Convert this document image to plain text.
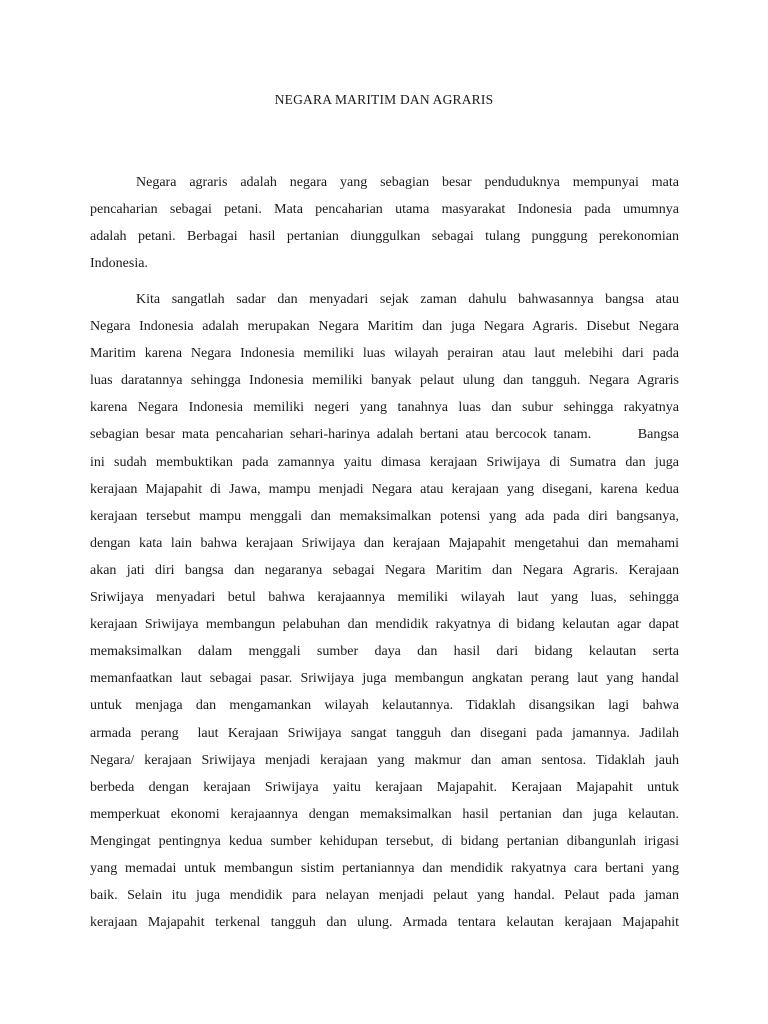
NEGARA MARITIM DAN AGRARIS
Negara agraris adalah negara yang sebagian besar penduduknya mempunyai mata
pencaharian sebagai petani. Mata pencaharian utama masyarakat Indonesia pada umumnya
adalah petani. Berbagai hasil pertanian diunggulkan sebagai tulang punggung perekonomian
Indonesia.
Kita sangatlah sadar dan menyadari sejak zaman dahulu bahwasannya bangsa atau
Negara Indonesia adalah merupakan Negara Maritim dan juga Negara Agraris. Disebut Negara
Maritim karena Negara Indonesia memiliki luas wilayah perairan atau laut melebihi dari pada
luas daratannya sehingga Indonesia memiliki banyak pelaut ulung dan tangguh. Negara Agraris
karena Negara Indonesia memiliki negeri yang tanahnya luas dan subur sehingga rakyatnya
sebagian besar mata pencaharian sehari-harinya adalah bertani atau bercocok tanam.       Bangsa
ini sudah membuktikan pada zamannya yaitu dimasa kerajaan Sriwijaya di Sumatra dan juga
kerajaan Majapahit di Jawa, mampu menjadi Negara atau kerajaan yang disegani, karena kedua
kerajaan tersebut mampu menggali dan memaksimalkan potensi yang ada pada diri bangsanya,
dengan kata lain bahwa kerajaan Sriwijaya dan kerajaan Majapahit mengetahui dan memahami
akan jati diri bangsa dan negaranya sebagai Negara Maritim dan Negara Agraris. Kerajaan
Sriwijaya menyadari betul bahwa kerajaannya memiliki wilayah laut yang luas, sehingga
kerajaan Sriwijaya membangun pelabuhan dan mendidik rakyatnya di bidang kelautan agar dapat
memaksimalkan dalam menggali sumber daya dan hasil dari bidang kelautan serta
memanfaatkan laut sebagai pasar. Sriwijaya juga membangun angkatan perang laut yang handal
untuk menjaga dan mengamankan wilayah kelautannya. Tidaklah disangsikan lagi bahwa
armada perang  laut Kerajaan Sriwijaya sangat tangguh dan disegani pada jamannya. Jadilah
Negara/ kerajaan Sriwijaya menjadi kerajaan yang makmur dan aman sentosa. Tidaklah jauh
berbeda dengan kerajaan Sriwijaya yaitu kerajaan Majapahit. Kerajaan Majapahit untuk
memperkuat ekonomi kerajaannya dengan memaksimalkan hasil pertanian dan juga kelautan.
Mengingat pentingnya kedua sumber kehidupan tersebut, di bidang pertanian dibangunlah irigasi
yang memadai untuk membangun sistim pertaniannya dan mendidik rakyatnya cara bertani yang
baik. Selain itu juga mendidik para nelayan menjadi pelaut yang handal. Pelaut pada jaman
kerajaan Majapahit terkenal tangguh dan ulung. Armada tentara kelautan kerajaan Majapahit
